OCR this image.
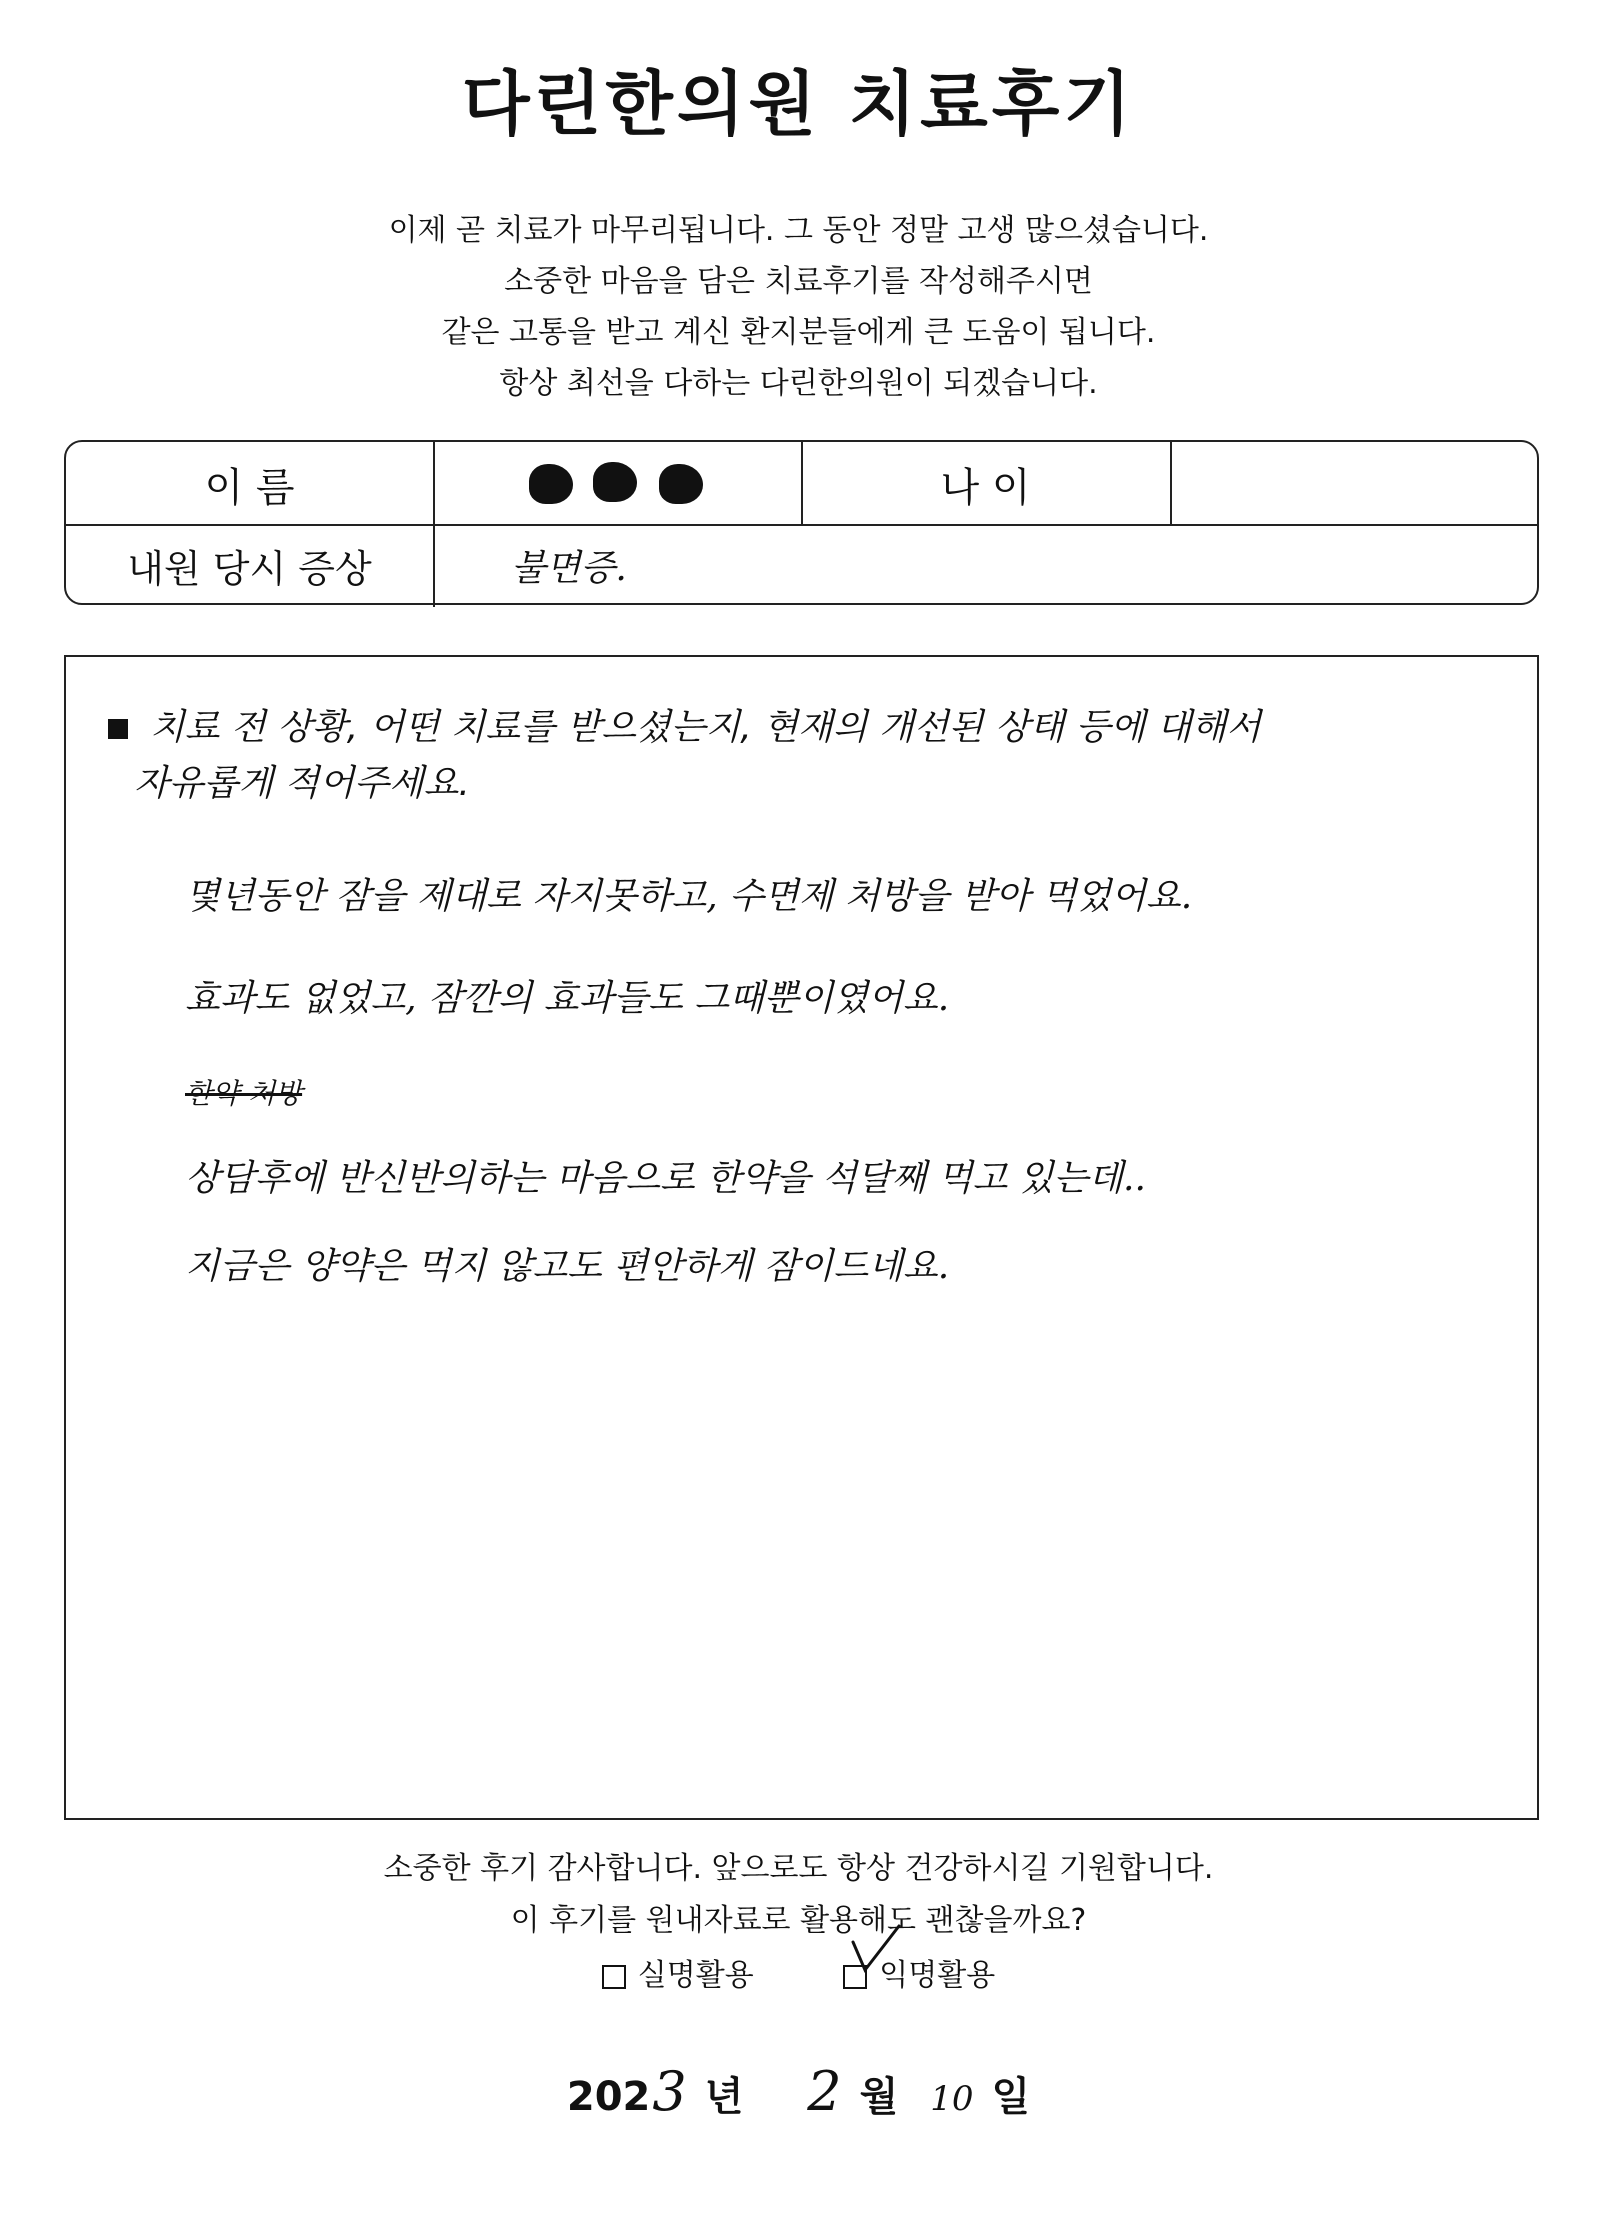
다린한의원 치료후기
이제 곧 치료가 마무리됩니다. 그 동안 정말 고생 많으셨습니다.
소중한 마음을 담은 치료후기를 작성해주시면
같은 고통을 받고 계신 환지분들에게 큰 도움이 됩니다.
항상 최선을 다하는 다린한의원이 되겠습니다.
이 름	나 이
내원 당시 증상	불면증.
치료 전 상황, 어떤 치료를 받으셨는지, 현재의 개선된 상태 등에 대해서
자유롭게 적어주세요.
몇년동안 잠을 제대로 자지못하고, 수면제 처방을 받아 먹었어요.
효과도 없었고, 잠깐의 효과들도 그때뿐이였어요.
한약 처방
상담후에 반신반의하는 마음으로 한약을 석달째 먹고 있는데..
지금은 양약은 먹지 않고도 편안하게 잠이드네요.
소중한 후기 감사합니다. 앞으로도 항상 건강하시길 기원합니다.
이 후기를 원내자료로 활용해도 괜찮을까요?
실명활용	익명활용
2023 년 2 월 10 일
